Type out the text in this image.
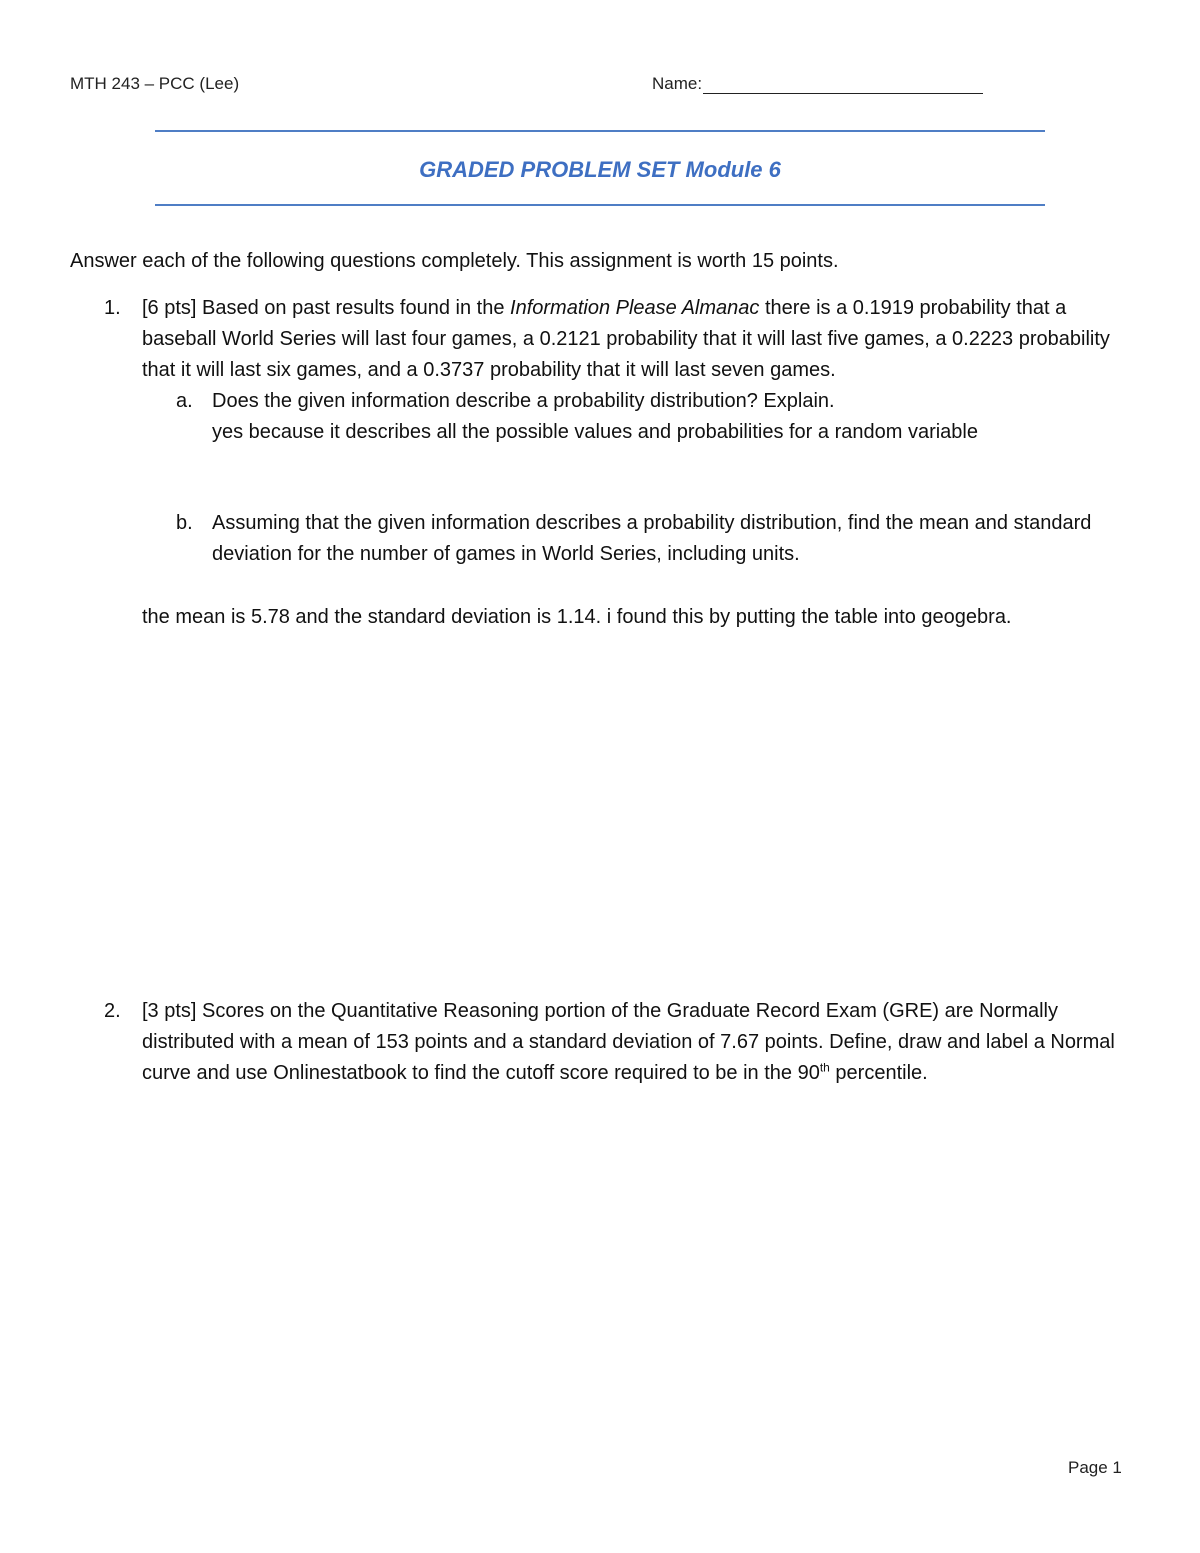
MTH 243 – PCC (Lee)	Name:
GRADED PROBLEM SET Module 6
Answer each of the following questions completely. This assignment is worth 15 points.
1. [6 pts] Based on past results found in the Information Please Almanac there is a 0.1919 probability that a baseball World Series will last four games, a 0.2121 probability that it will last five games, a 0.2223 probability that it will last six games, and a 0.3737 probability that it will last seven games.
a. Does the given information describe a probability distribution? Explain.
yes because it describes all the possible values and probabilities for a random variable
b. Assuming that the given information describes a probability distribution, find the mean and standard deviation for the number of games in World Series, including units.
the mean is 5.78 and the standard deviation is 1.14. i found this by putting the table into geogebra.
2. [3 pts] Scores on the Quantitative Reasoning portion of the Graduate Record Exam (GRE) are Normally distributed with a mean of 153 points and a standard deviation of 7.67 points. Define, draw and label a Normal curve and use Onlinestatbook to find the cutoff score required to be in the 90th percentile.
Page 1
